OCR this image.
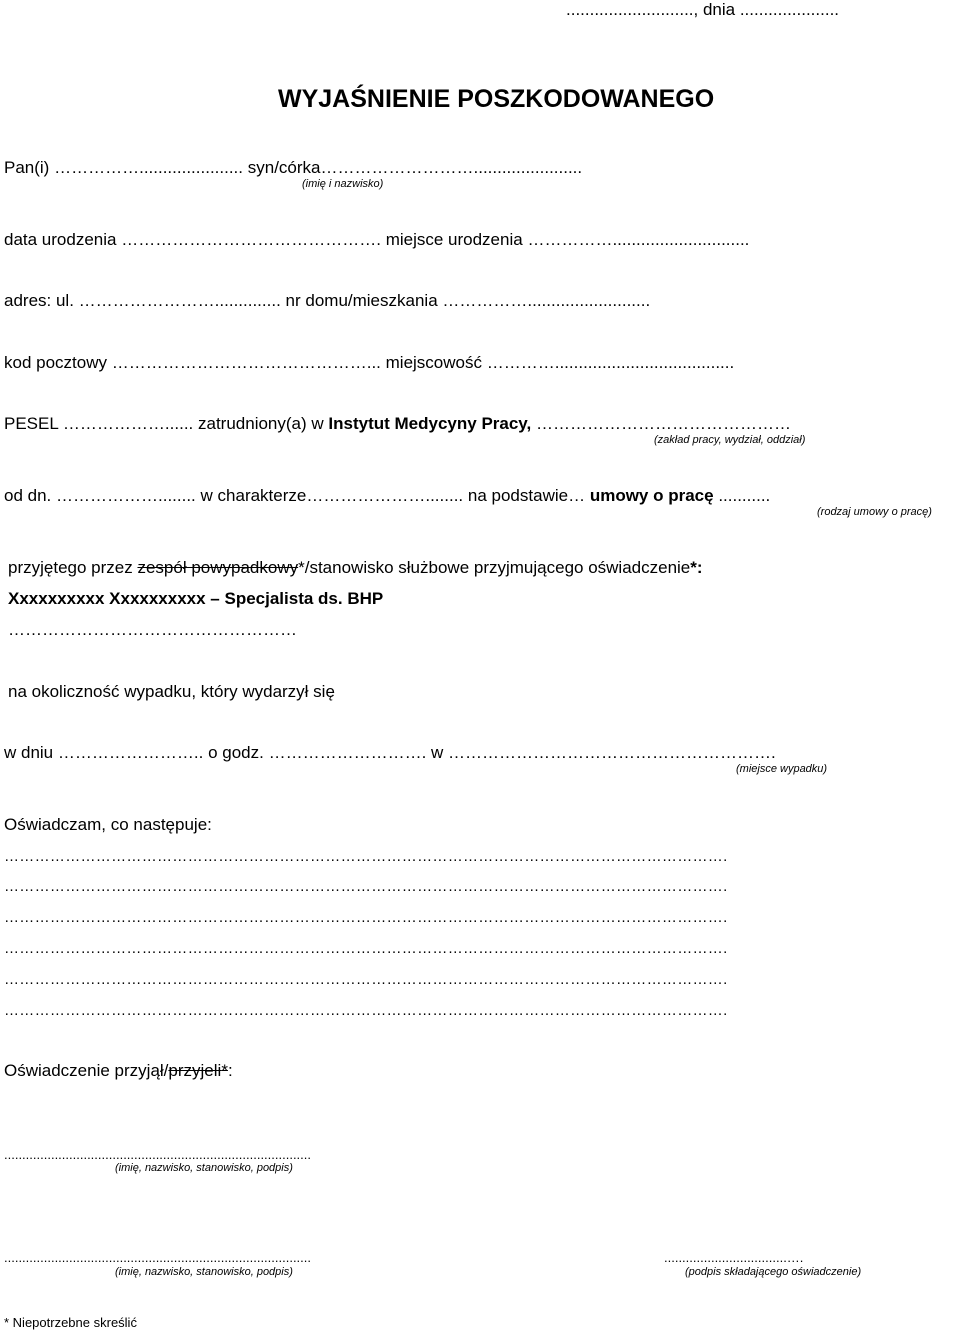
..........................., dnia .....................
WYJAŚNIENIE POSZKODOWANEGO
Pan(i) ……………...................... syn/córka……………………….......................
(imię i nazwisko)
data urodzenia ………………………………………. miejsce urodzenia …………….............................
adres: ul. …………………….............. nr domu/mieszkania ……………..........................
kod pocztowy ………………………………………... miejscowość …………......................................
PESEL ………………...... zatrudniony(a) w Instytut Medycyny Pracy, ………………………………………
(zakład pracy, wydział, oddział)
od dn. ………………........ w charakterze…………………........ na podstawie… umowy o pracę ...........
(rodzaj umowy o pracę)
przyjętego przez zespół powypadkowy*/stanowisko służbowe przyjmującego oświadczenie*:
Xxxxxxxxxx Xxxxxxxxxx – Specjalista ds. BHP
……………………………………………
na okoliczność wypadku, który wydarzył się
w dniu …………………….. o godz. ………………………. w ………………………………………………….
(miejsce wypadku)
Oświadczam, co następuje:
…………………………………………………………………………………………………………………………….
…………………………………………………………………………………………………………………………….
…………………………………………………………………………………………………………………………….
…………………………………………………………………………………………………………………………….
…………………………………………………………………………………………………………………………….
…………………………………………………………………………………………………………………………….
Oświadczenie przyjął/przyjeli*:
.....................................................................................
(imię, nazwisko, stanowisko, podpis)
.....................................................................................
(imię, nazwisko, stanowisko, podpis)
..................................….
(podpis składającego oświadczenie)
* Niepotrzebne skreślić
